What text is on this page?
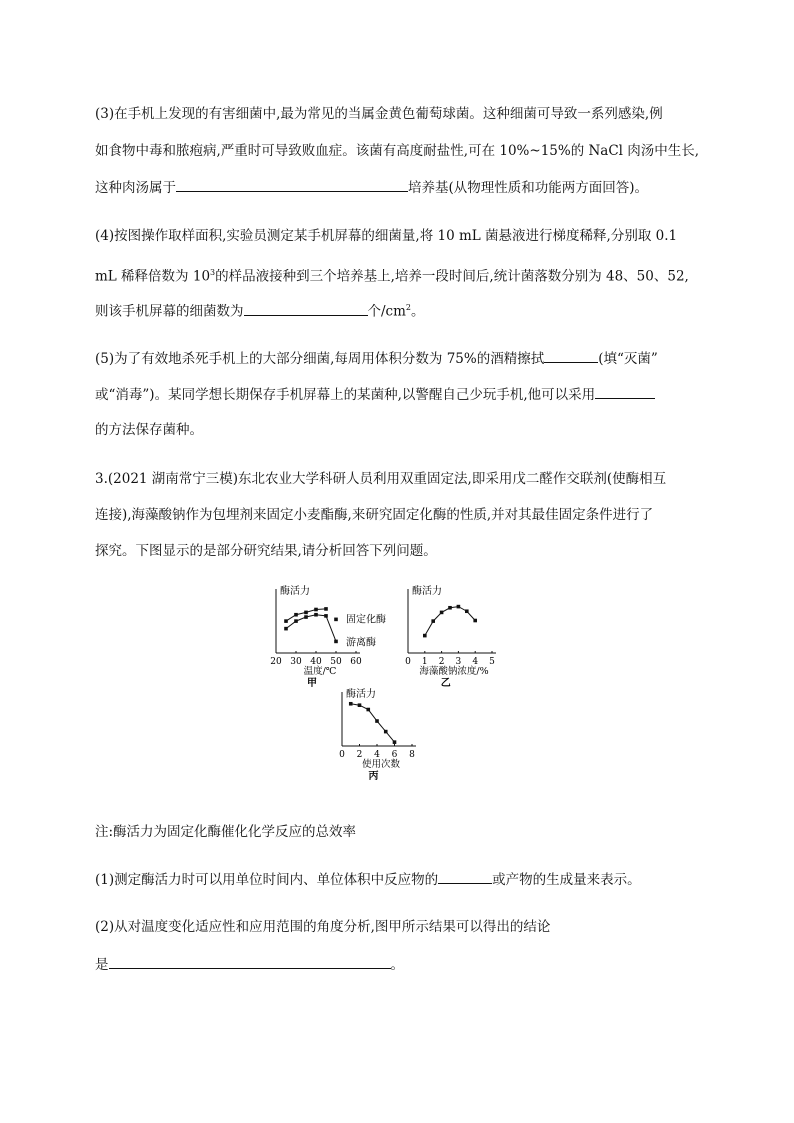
(3)在手机上发现的有害细菌中,最为常见的当属金黄色葡萄球菌。这种细菌可导致一系列感染,例
如食物中毒和脓疱病,严重时可导致败血症。该菌有高度耐盐性,可在 10%~15%的 NaCl 肉汤中生长,
这种肉汤属于	培养基(从物理性质和功能两方面回答)。
(4)按图操作取样面积,实验员测定某手机屏幕的细菌量,将 10 mL 菌悬液进行梯度稀释,分别取 0.1
mL 稀释倍数为 $10^3$的样品液接种到三个培养基上,培养一段时间后,统计菌落数分别为 48、50、52,
则该手机屏幕的细菌数为	个$/cm^2$。
(5)为了有效地杀死手机上的大部分细菌,每周用体积分数为 75%的酒精擦拭	(填“灭菌”
或“消毒”)。某同学想长期保存手机屏幕上的某菌种,以警醒自己少玩手机,他可以采用
的方法保存菌种。
3.(2021 湖南常宁三模)东北农业大学科研人员利用双重固定法,即采用戊二醛作交联剂(使酶相互
连接),海藻酸钠作为包埋剂来固定小麦酯酶,来研究固定化酶的性质,并对其最佳固定条件进行了
探究。下图显示的是部分研究结果,请分析回答下列问题。
酶活力
20 30 40 50 60
温度/℃
甲
固定化酶
游离酶
酶活力
0 1 2 3 4 5
海藻酸钠浓度/%
乙
酶活力
0 2 4 6 8
使用次数
丙
注:酶活力为固定化酶催化化学反应的总效率
(1)测定酶活力时可以用单位时间内、单位体积中反应物的	或产物的生成量来表示。
(2)从对温度变化适应性和应用范围的角度分析,图甲所示结果可以得出的结论
是	。
